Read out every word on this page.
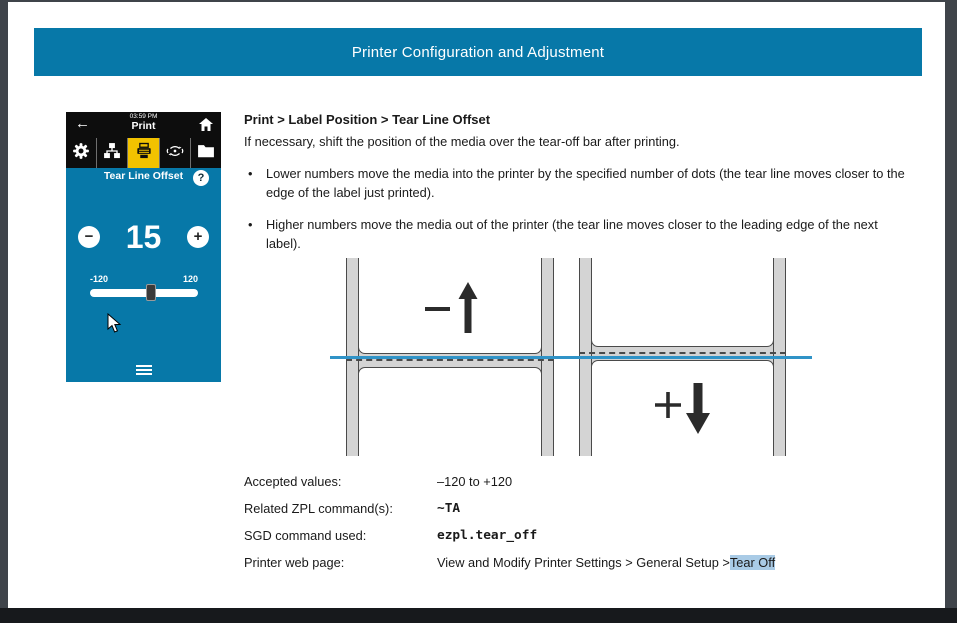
Printer Configuration and Adjustment
←	03:59 PM
Print
Tear Line Offset	?
− 15 +
-120	120
Print > Label Position > Tear Line Offset
If necessary, shift the position of the media over the tear-off bar after printing.
•	Lower numbers move the media into the printer by the specified number of dots (the tear line moves closer to the edge of the label just printed).
•	Higher numbers move the media out of the printer (the tear line moves closer to the leading edge of the next label).
Accepted values:	–120 to +120
Related ZPL command(s):	~TA
SGD command used:	ezpl.tear_off
Printer web page:	View and Modify Printer Settings > General Setup > Tear Off
